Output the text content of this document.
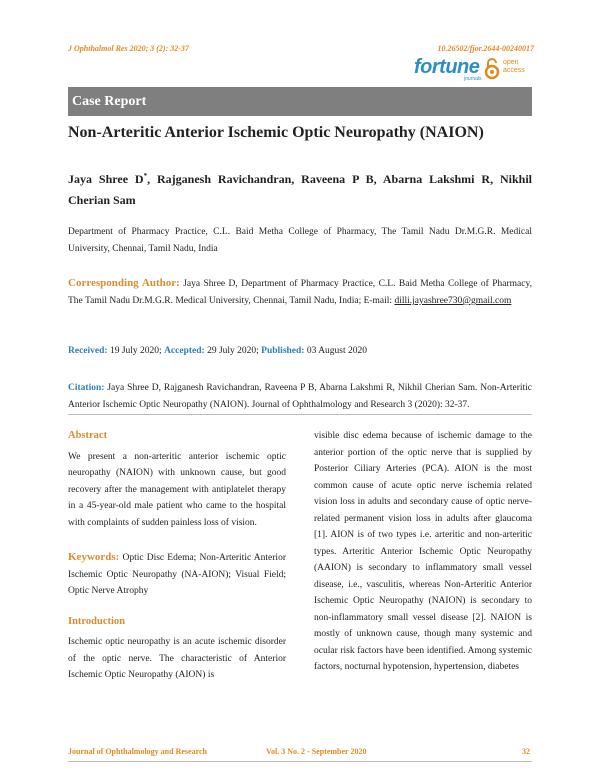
J Ophthalmol Res 2020; 3 (2): 32-37	10.26502/fjor.2644-00240017
fortune
journals
open
access
Case Report
Non-Arteritic Anterior Ischemic Optic Neuropathy (NAION)
Jaya Shree D*, Rajganesh Ravichandran, Raveena P B, Abarna Lakshmi R, Nikhil Cherian Sam
Department of Pharmacy Practice, C.L. Baid Metha College of Pharmacy, The Tamil Nadu Dr.M.G.R. Medical University, Chennai, Tamil Nadu, India
Corresponding Author: Jaya Shree D, Department of Pharmacy Practice, C.L. Baid Metha College of Pharmacy, The Tamil Nadu Dr.M.G.R. Medical University, Chennai, Tamil Nadu, India; E-mail: dilli.jayashree730@gmail.com
Received: 19 July 2020; Accepted: 29 July 2020; Published: 03 August 2020
Citation: Jaya Shree D, Rajganesh Ravichandran, Raveena P B, Abarna Lakshmi R, Nikhil Cherian Sam. Non-Arteritic Anterior Ischemic Optic Neuropathy (NAION). Journal of Ophthalmology and Research 3 (2020): 32-37.
Abstract

We present a non-arteritic anterior ischemic optic neuropathy (NAION) with unknown cause, but good recovery after the management with antiplatelet therapy in a 45-year-old male patient who came to the hospital with complaints of sudden painless loss of vision.

Keywords: Optic Disc Edema; Non-Arteritic Anterior Ischemic Optic Neuropathy (NA-AION); Visual Field; Optic Nerve Atrophy

Introduction

Ischemic optic neuropathy is an acute ischemic disorder of the optic nerve. The characteristic of Anterior Ischemic Optic Neuropathy (AION) is

visible disc edema because of ischemic damage to the anterior portion of the optic nerve that is supplied by Posterior Ciliary Arteries (PCA). AION is the most common cause of acute optic nerve ischemia related vision loss in adults and secondary cause of optic nerve-related permanent vision loss in adults after glaucoma [1]. AION is of two types i.e. arteritic and non-arteritic types. Arteritic Anterior Ischemic Optic Neuropathy (AAION) is secondary to inflammatory small vessel disease, i.e., vasculitis, whereas Non-Arteritic Anterior Ischemic Optic Neuropathy (NAION) is secondary to non-inflammatory small vessel disease [2]. NAION is mostly of unknown cause, though many systemic and ocular risk factors have been identified. Among systemic factors, nocturnal hypotension, hypertension, diabetes

Journal of Ophthalmology and Research	Vol. 3 No. 2 - September 2020	32
